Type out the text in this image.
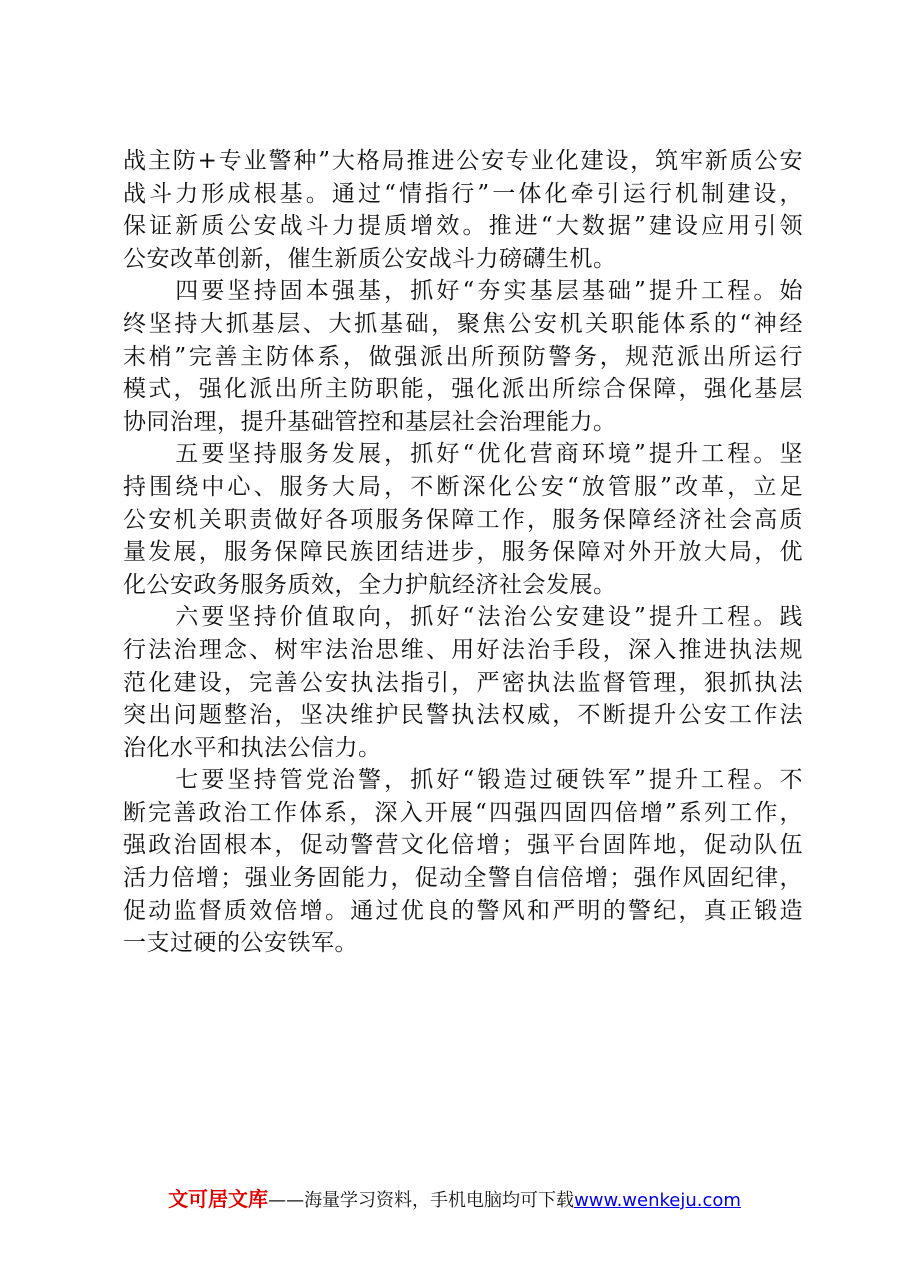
战主防+专业警种”大格局推进公安专业化建设，筑牢新质公安
战斗力形成根基。通过“情指行”一体化牵引运行机制建设，
保证新质公安战斗力提质增效。推进“大数据”建设应用引领
公安改革创新，催生新质公安战斗力磅礴生机。
　　四要坚持固本强基，抓好“夯实基层基础”提升工程。始
终坚持大抓基层、大抓基础，聚焦公安机关职能体系的“神经
末梢”完善主防体系，做强派出所预防警务，规范派出所运行
模式，强化派出所主防职能，强化派出所综合保障，强化基层
协同治理，提升基础管控和基层社会治理能力。
　　五要坚持服务发展，抓好“优化营商环境”提升工程。坚
持围绕中心、服务大局，不断深化公安“放管服”改革，立足
公安机关职责做好各项服务保障工作，服务保障经济社会高质
量发展，服务保障民族团结进步，服务保障对外开放大局，优
化公安政务服务质效，全力护航经济社会发展。
　　六要坚持价值取向，抓好“法治公安建设”提升工程。践
行法治理念、树牢法治思维、用好法治手段，深入推进执法规
范化建设，完善公安执法指引，严密执法监督管理，狠抓执法
突出问题整治，坚决维护民警执法权威，不断提升公安工作法
治化水平和执法公信力。
　　七要坚持管党治警，抓好“锻造过硬铁军”提升工程。不
断完善政治工作体系，深入开展“四强四固四倍增”系列工作，
强政治固根本，促动警营文化倍增；强平台固阵地，促动队伍
活力倍增；强业务固能力，促动全警自信倍增；强作风固纪律，
促动监督质效倍增。通过优良的警风和严明的警纪，真正锻造
一支过硬的公安铁军。
文可居文库——海量学习资料，手机电脑均可下载www.wenkeju.com
